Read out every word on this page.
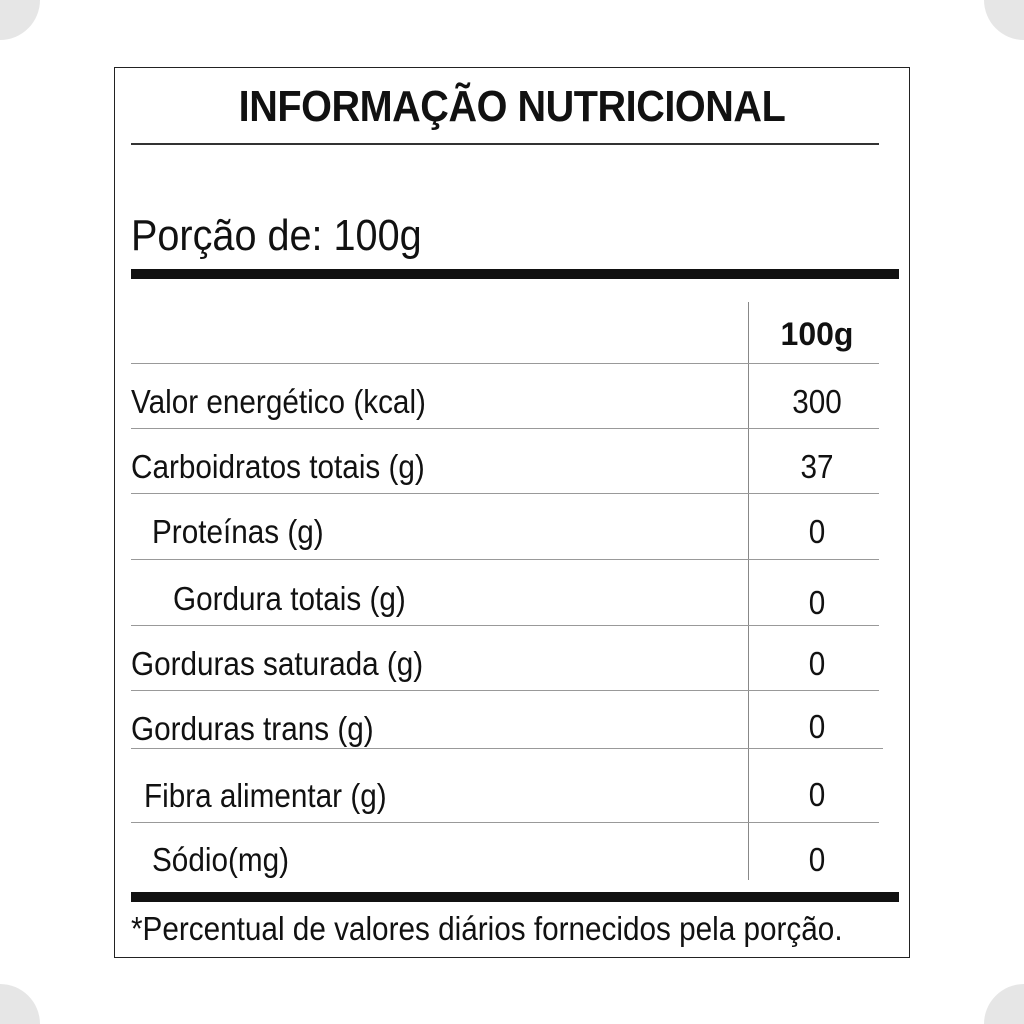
INFORMAÇÃO NUTRICIONAL
Porção de: 100g
100g
Valor energético (kcal)	300
Carboidratos totais (g)	37
Proteínas (g)	0
Gordura totais (g)	0
Gorduras saturada (g)	0
Gorduras trans (g)	0
Fibra alimentar (g)	0
Sódio(mg)	0
*Percentual de valores diários fornecidos pela porção.
